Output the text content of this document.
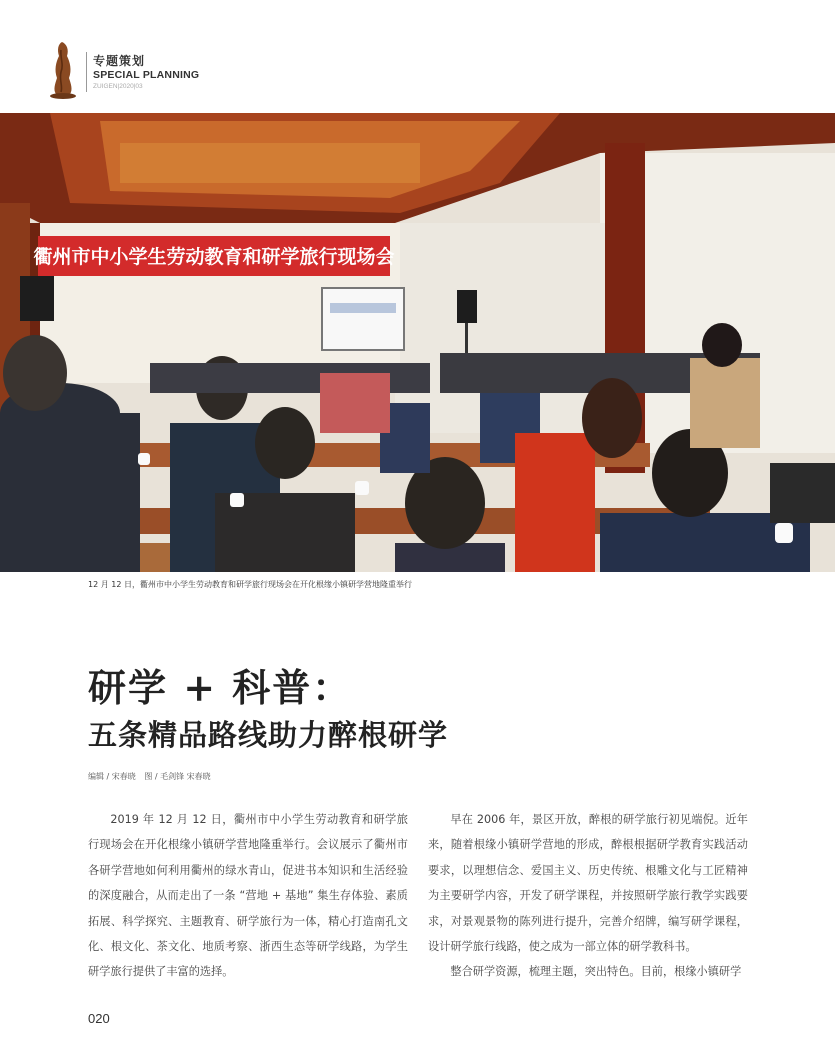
专题策划
SPECIAL PLANNING
ZUIGEN|2020|03
衢州市中小学生劳动教育和研学旅行现场会
12 月 12 日，衢州市中小学生劳动教育和研学旅行现场会在开化根缘小镇研学营地隆重举行
研学 + 科普：
五条精品路线助力醉根研学
编辑 / 宋春晓 图 / 毛剑锋 宋春晓

2019 年 12 月 12 日，衢州市中小学生劳动教育和研学旅行现场会在开化根缘小镇研学营地隆重举行。会议展示了衢州市各研学营地如何利用衢州的绿水青山，促进书本知识和生活经验的深度融合，从而走出了一条 “营地 + 基地” 集生存体验、素质拓展、科学探究、主题教育、研学旅行为一体，精心打造南孔文化、根文化、茶文化、地质考察、浙西生态等研学线路，为学生研学旅行提供了丰富的选择。

早在 2006 年，景区开放，醉根的研学旅行初见端倪。近年来，随着根缘小镇研学营地的形成，醉根根据研学教育实践活动要求，以理想信念、爱国主义、历史传统、根雕文化与工匠精神为主要研学内容，开发了研学课程，并按照研学旅行教学实践要求，对景观景物的陈列进行提升，完善介绍牌，编写研学课程，设计研学旅行线路，使之成为一部立体的研学教科书。

整合研学资源，梳理主题，突出特色。目前，根缘小镇研学

020
